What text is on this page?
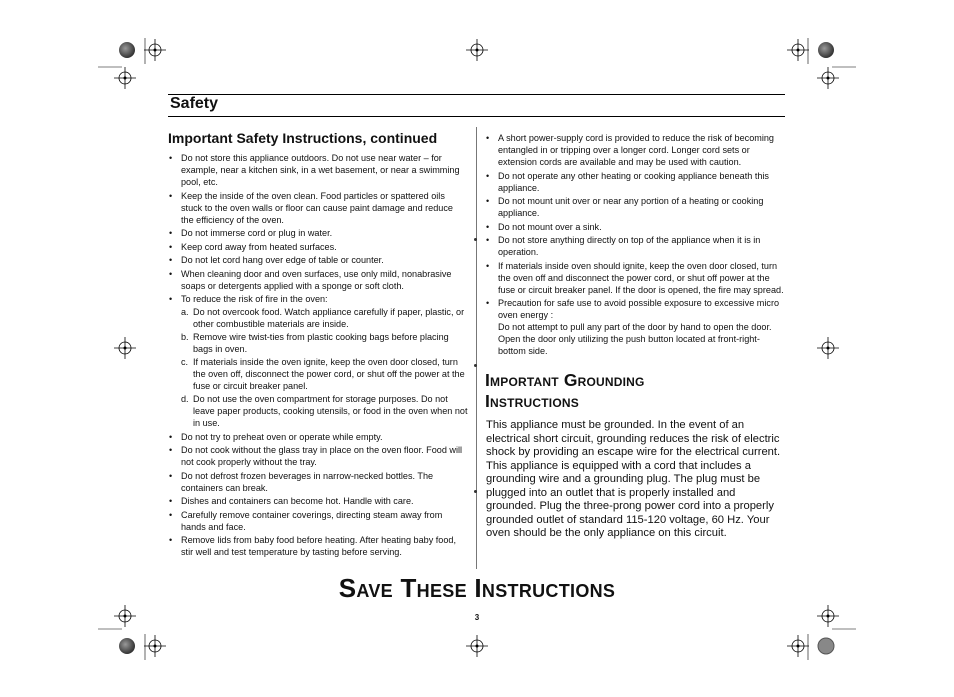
Safety
Important Safety Instructions, continued
• Do not store this appliance outdoors. Do not use near water – for example, near a kitchen sink, in a wet basement, or near a swimming pool, etc.
• Keep the inside of the oven clean. Food particles or spattered oils stuck to the oven walls or floor can cause paint damage and reduce the efficiency of the oven.
• Do not immerse cord or plug in water.
• Keep cord away from heated surfaces.
• Do not let cord hang over edge of table or counter.
• When cleaning door and oven surfaces, use only mild, nonabrasive soaps or detergents applied with a sponge or soft cloth.
• To reduce the risk of fire in the oven:
a. Do not overcook food. Watch appliance carefully if paper, plastic, or other combustible materials are inside.
b. Remove wire twist-ties from plastic cooking bags before placing bags in oven.
c. If materials inside the oven ignite, keep the oven door closed, turn the oven off, disconnect the power cord, or shut off the power at the fuse or circuit breaker panel.
d. Do not use the oven compartment for storage purposes. Do not leave paper products, cooking utensils, or food in the oven when not in use.
• Do not try to preheat oven or operate while empty.
• Do not cook without the glass tray in place on the oven floor. Food will not cook properly without the tray.
• Do not defrost frozen beverages in narrow-necked bottles. The containers can break.
• Dishes and containers can become hot. Handle with care.
• Carefully remove container coverings, directing steam away from hands and face.
• Remove lids from baby food before heating. After heating baby food, stir well and test temperature by tasting before serving.
• A short power-supply cord is provided to reduce the risk of becoming entangled in or tripping over a longer cord. Longer cord sets or extension cords are available and may be used with caution.
• Do not operate any other heating or cooking appliance beneath this appliance.
• Do not mount unit over or near any portion of a heating or cooking appliance.
• Do not mount over a sink.
• Do not store anything directly on top of the appliance when it is in operation.
• If materials inside oven should ignite, keep the oven door closed, turn the oven off and disconnect the power cord, or shut off power at the fuse or circuit breaker panel. If the door is opened, the fire may spread.
• Precaution for safe use to avoid possible exposure to excessive micro oven energy :
Do not attempt to pull any part of the door by hand to open the door. Open the door only utilizing the push button located at front-right-bottom side.
Important Grounding
Instructions
This appliance must be grounded. In the event of an electrical short circuit, grounding reduces the risk of electric shock by providing an escape wire for the electrical current. This appliance is equipped with a cord that includes a grounding wire and a grounding plug. The plug must be plugged into an outlet that is properly installed and grounded. Plug the three-prong power cord into a properly grounded outlet of standard 115-120 voltage, 60 Hz. Your oven should be the only appliance on this circuit.
Save These Instructions
3
